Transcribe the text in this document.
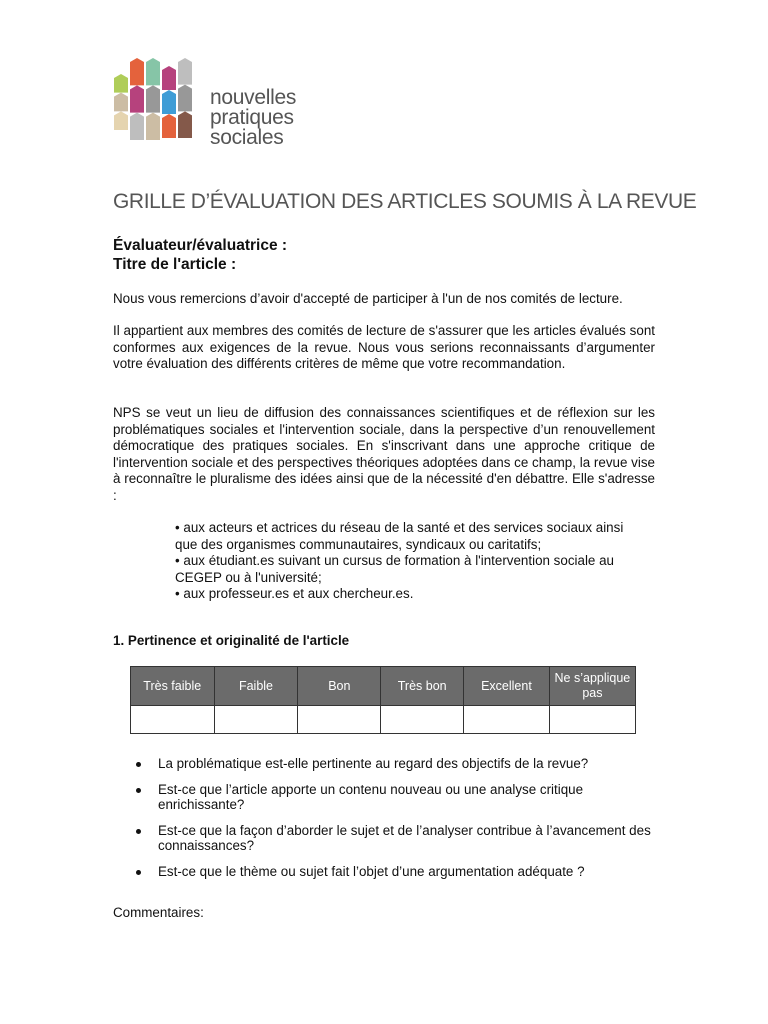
nouvelles
pratiques
sociales
GRILLE D’ÉVALUATION DES ARTICLES SOUMIS À LA REVUE
Évaluateur/évaluatrice :
Titre de l'article :
Nous vous remercions d’avoir d'accepté de participer à l'un de nos comités de lecture.
Il appartient aux membres des comités de lecture de s'assurer que les articles évalués sont conformes aux exigences de la revue. Nous vous serions reconnaissants d’argumenter votre évaluation des différents critères de même que votre recommandation.
NPS se veut un lieu de diffusion des connaissances scientifiques et de réflexion sur les problématiques sociales et l'intervention sociale, dans la perspective d’un renouvellement démocratique des pratiques sociales. En s'inscrivant dans une approche critique de l'intervention sociale et des perspectives théoriques adoptées dans ce champ, la revue vise à reconnaître le pluralisme des idées ainsi que de la nécessité d'en débattre. Elle s'adresse :
• aux acteurs et actrices du réseau de la santé et des services sociaux ainsi que des organismes communautaires, syndicaux ou caritatifs;
• aux étudiant.es suivant un cursus de formation à l'intervention sociale au CEGEP ou à l'université;
• aux professeur.es et aux chercheur.es.
1. Pertinence et originalité de l'article
Très faible	Faible	Bon	Très bon	Excellent	Ne s’applique pas

La problématique est-elle pertinente au regard des objectifs de la revue?
Est-ce que l’article apporte un contenu nouveau ou une analyse critique enrichissante?
Est-ce que la façon d’aborder le sujet et de l’analyser contribue à l’avancement des connaissances?
Est-ce que le thème ou sujet fait l’objet d’une argumentation adéquate ?
Commentaires:
